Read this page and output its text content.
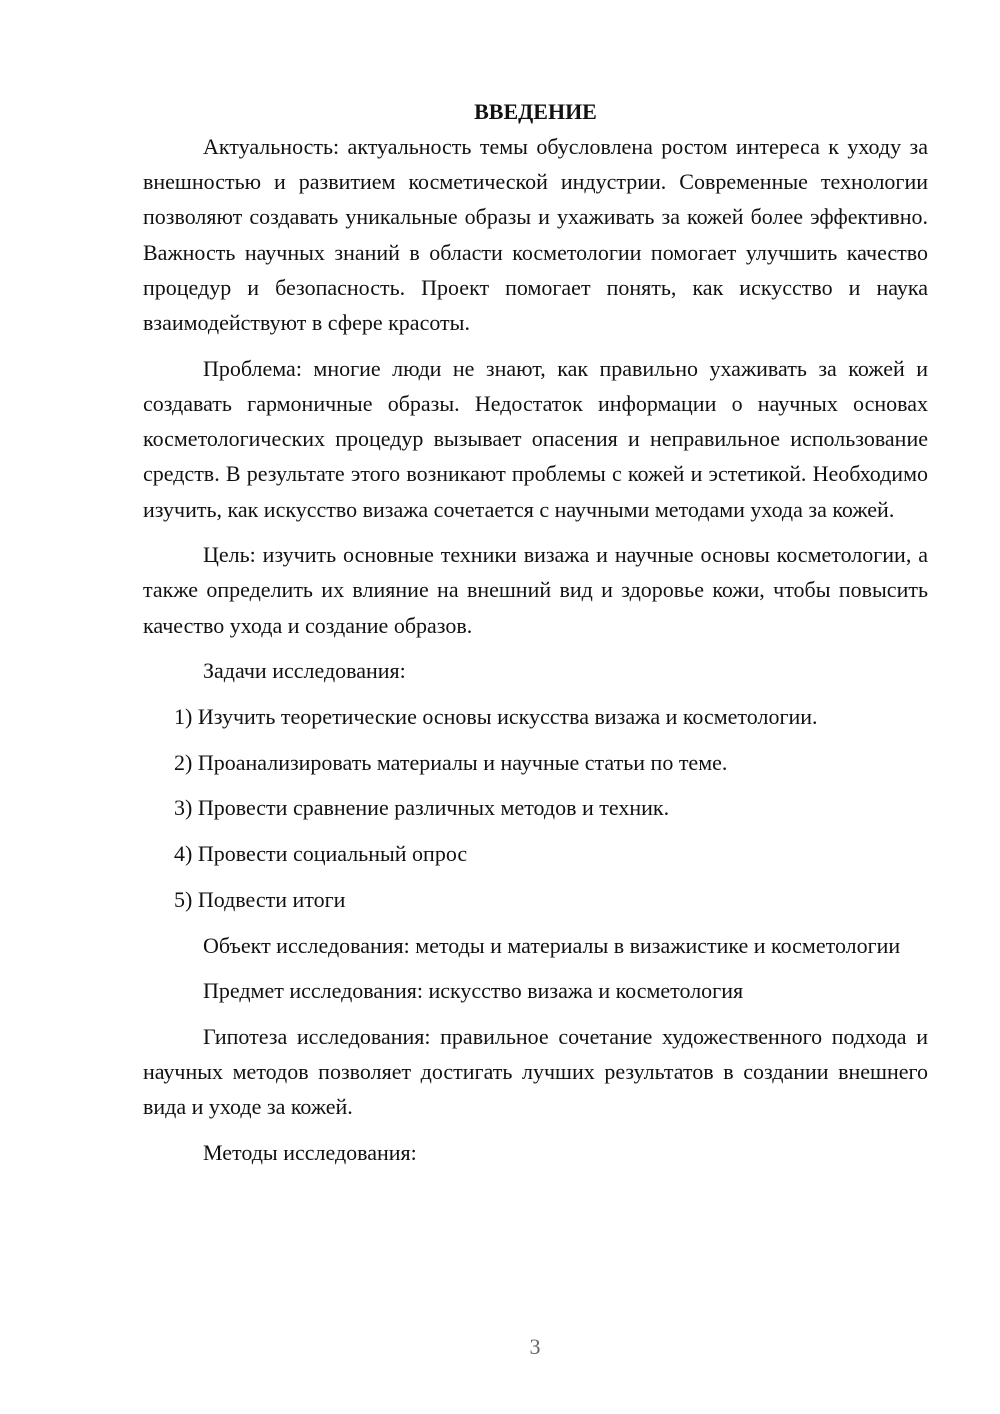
ВВЕДЕНИЕ

Актуальность: актуальность темы обусловлена ростом интереса к уходу за внешностью и развитием косметической индустрии. Современные технологии позволяют создавать уникальные образы и ухаживать за кожей более эффективно. Важность научных знаний в области косметологии помогает улучшить качество процедур и безопасность. Проект помогает понять, как искусство и наука взаимодействуют в сфере красоты.

Проблема: многие люди не знают, как правильно ухаживать за кожей и создавать гармоничные образы. Недостаток информации о научных основах косметологических процедур вызывает опасения и неправильное использование средств. В результате этого возникают проблемы с кожей и эстетикой. Необходимо изучить, как искусство визажа сочетается с научными методами ухода за кожей.

Цель: изучить основные техники визажа и научные основы косметологии, а также определить их влияние на внешний вид и здоровье кожи, чтобы повысить качество ухода и создание образов.

Задачи исследования:

1) Изучить теоретические основы искусства визажа и косметологии.

2) Проанализировать материалы и научные статьи по теме.

3) Провести сравнение различных методов и техник.

4) Провести социальный опрос

5) Подвести итоги

Объект исследования: методы и материалы в визажистике и косметологии

Предмет исследования: искусство визажа и косметология

Гипотеза исследования: правильное сочетание художественного подхода и научных методов позволяет достигать лучших результатов в создании внешнего вида и уходе за кожей.

Методы исследования:

3
